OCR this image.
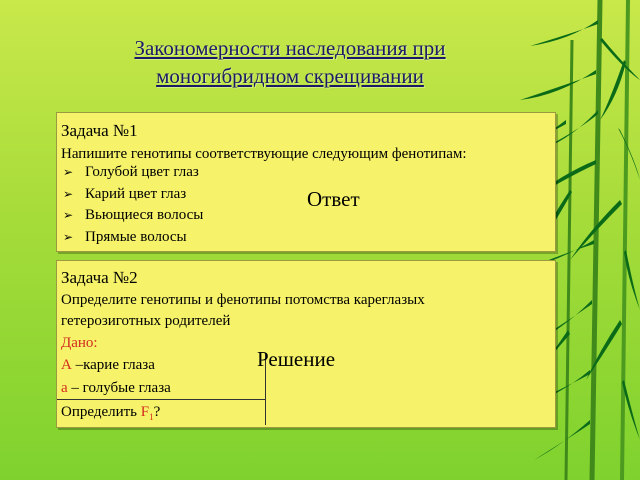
Закономерности наследования при
моногибридном скрещивании
Задача №1
Напишите генотипы соответствующие следующим фенотипам:
➢ Голубой цвет глаз
➢ Карий цвет глаз
➢ Вьющиеся волосы
➢ Прямые волосы
Ответ
Задача №2
Определите генотипы и фенотипы потомства кареглазых
гетерозиготных родителей
Дано:
А –карие глаза
а – голубые глаза
Определить $F_1$?
Решение
